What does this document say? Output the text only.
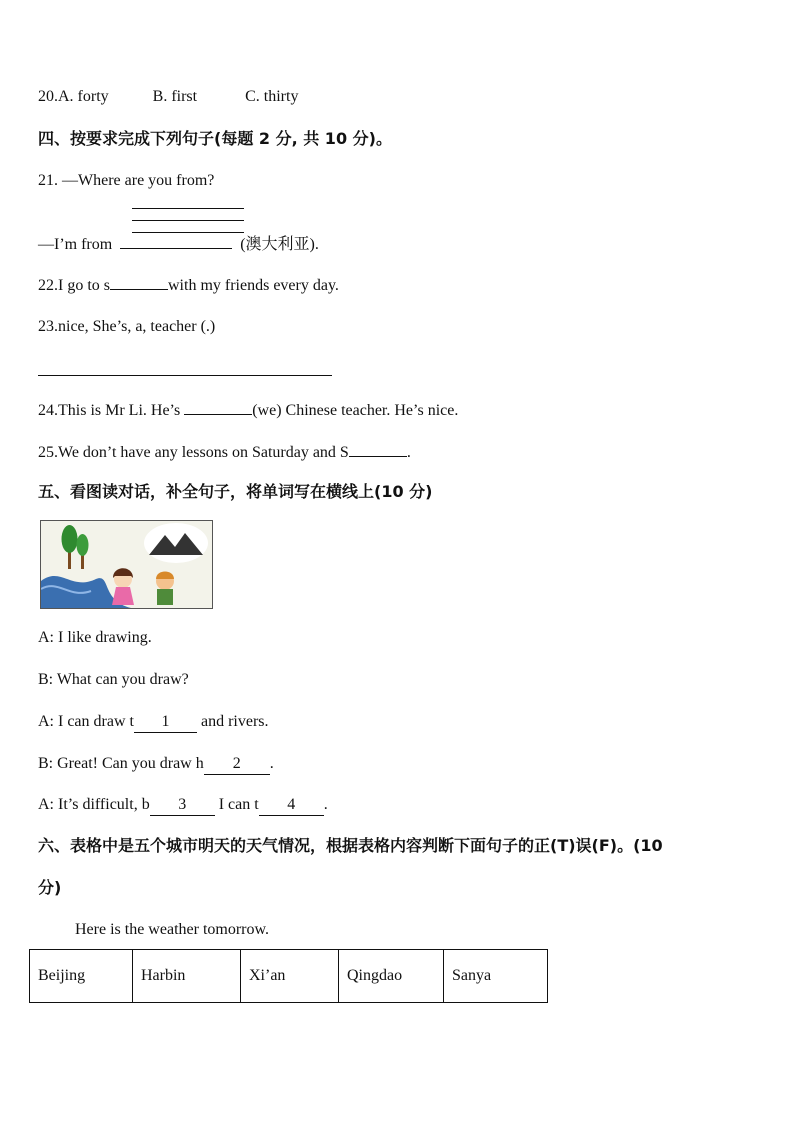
20.A. forty	B. first	C. thirty
四、按要求完成下列句子(每题 2 分, 共 10 分)。
21. —Where are you from?
—I’m from	(澳大利亚).
22.I go to s	with my friends every day.
23.nice, She’s, a, teacher (.)
24.This is Mr Li. He’s	(we) Chinese teacher. He’s nice.
25.We don’t have any lessons on Saturday and S	.
五、看图读对话，补全句子，将单词写在横线上(10 分)
A: I like drawing.
B: What can you draw?
A: I can draw t 1 and rivers.
B: Great! Can you draw h 2 .
A: It’s difficult, b 3 I can t 4 .
六、表格中是五个城市明天的天气情况，根据表格内容判断下面句子的正(T)误(F)。(10
分)
Here is the weather tomorrow.
Beijing	Harbin	Xi’an	Qingdao	Sanya
